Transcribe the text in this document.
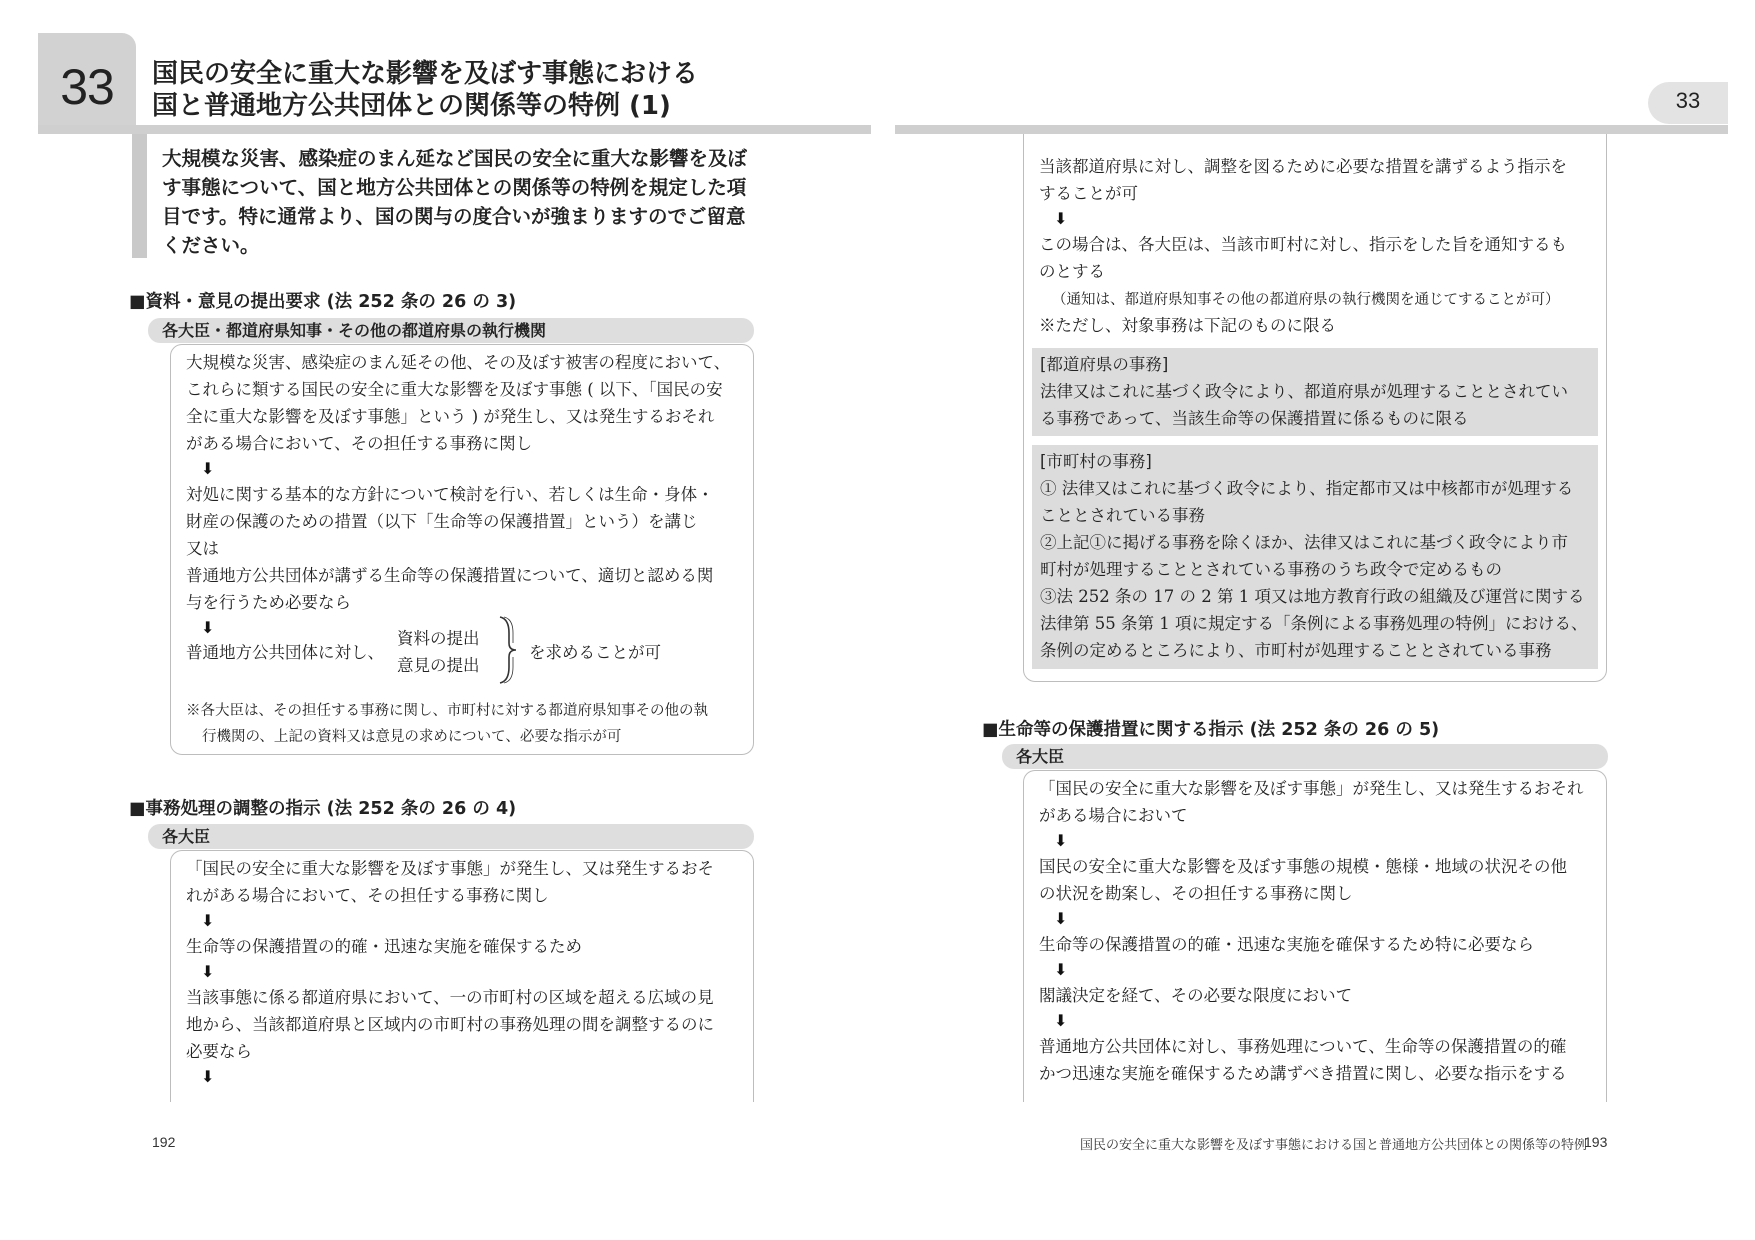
33	国民の安全に重大な影響を及ぼす事態における
国と普通地方公共団体との関係等の特例 (1)
大規模な災害、感染症のまん延など国民の安全に重大な影響を及ぼ
す事態について、国と地方公共団体との関係等の特例を規定した項
目です。特に通常より、国の関与の度合いが強まりますのでご留意
ください。
■資料・意見の提出要求 (法 252 条の 26 の 3)
各大臣・都道府県知事・その他の都道府県の執行機関
大規模な災害、感染症のまん延その他、その及ぼす被害の程度において、
これらに類する国民の安全に重大な影響を及ぼす事態 ( 以下、「国民の安
全に重大な影響を及ぼす事態」という ) が発生し、又は発生するおそれ
がある場合において、その担任する事務に関し
⬇
対処に関する基本的な方針について検討を行い、若しくは生命・身体・
財産の保護のための措置（以下「生命等の保護措置」という）を講じ
又は
普通地方公共団体が講ずる生命等の保護措置について、適切と認める関
与を行うため必要なら
⬇
普通地方公共団体に対し、
資料の提出
意見の提出
を求めることが可
※各大臣は、その担任する事務に関し、市町村に対する都道府県知事その他の執
行機関の、上記の資料又は意見の求めについて、必要な指示が可
■事務処理の調整の指示 (法 252 条の 26 の 4)
各大臣
「国民の安全に重大な影響を及ぼす事態」が発生し、又は発生するおそ
れがある場合において、その担任する事務に関し
⬇
生命等の保護措置の的確・迅速な実施を確保するため
⬇
当該事態に係る都道府県において、一の市町村の区域を超える広域の見
地から、当該都道府県と区域内の市町村の事務処理の間を調整するのに
必要なら
⬇
192
33
当該都道府県に対し、調整を図るために必要な措置を講ずるよう指示を
することが可
⬇
この場合は、各大臣は、当該市町村に対し、指示をした旨を通知するも
のとする
（通知は、都道府県知事その他の都道府県の執行機関を通じてすることが可）
※ただし、対象事務は下記のものに限る
[都道府県の事務]
法律又はこれに基づく政令により、都道府県が処理することとされてい
る事務であって、当該生命等の保護措置に係るものに限る
[市町村の事務]
① 法律又はこれに基づく政令により、指定都市又は中核都市が処理する
こととされている事務
②上記①に掲げる事務を除くほか、法律又はこれに基づく政令により市
町村が処理することとされている事務のうち政令で定めるもの
③法 252 条の 17 の 2 第 1 項又は地方教育行政の組織及び運営に関する
法律第 55 条第 1 項に規定する「条例による事務処理の特例」における、
条例の定めるところにより、市町村が処理することとされている事務
■生命等の保護措置に関する指示 (法 252 条の 26 の 5)
各大臣
「国民の安全に重大な影響を及ぼす事態」が発生し、又は発生するおそれ
がある場合において
⬇
国民の安全に重大な影響を及ぼす事態の規模・態様・地域の状況その他
の状況を勘案し、その担任する事務に関し
⬇
生命等の保護措置の的確・迅速な実施を確保するため特に必要なら
⬇
閣議決定を経て、その必要な限度において
⬇
普通地方公共団体に対し、事務処理について、生命等の保護措置の的確
かつ迅速な実施を確保するため講ずべき措置に関し、必要な指示をする
国民の安全に重大な影響を及ぼす事態における国と普通地方公共団体との関係等の特例
193
